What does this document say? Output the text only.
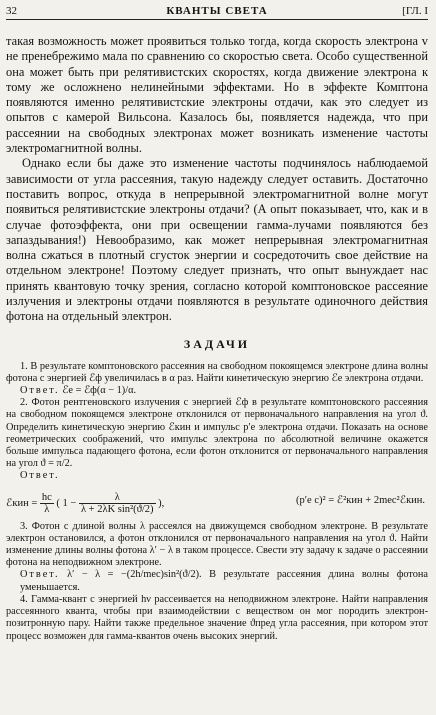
32	КВАНТЫ СВЕТА	[ГЛ. I

такая возможность может проявиться только тогда, когда скорость электрона v не пренебрежимо мала по сравнению со скоростью света. Особо существенной она может быть при релятивистских скоростях, когда движение электрона к тому же осложнено нелинейными эффектами. Но в эффекте Комптона появляются именно релятивистские электроны отдачи, как это следует из опытов с камерой Вильсона. Казалось бы, появляется надежда, что при рассеянии на свободных электронах может возникать изменение частоты электромагнитной волны.

Однако если бы даже это изменение частоты подчинялось наблюдаемой зависимости от угла рассеяния, такую надежду следует оставить. Достаточно поставить вопрос, откуда в непрерывной электромагнитной волне могут появиться релятивистские электроны отдачи? (А опыт показывает, что, как и в случае фотоэффекта, они при освещении гамма-лучами появляются без запаздывания!) Невообразимо, как может непрерывная электромагнитная волна сжаться в плотный сгусток энергии и сосредоточить свое действие на отдельном электроне! Поэтому следует признать, что опыт вынуждает нас принять квантовую точку зрения, согласно которой комптоновское рассеяние излучения и электроны отдачи появляются в результате одиночного действия фотона на отдельный электрон.

ЗАДАЧИ

1. В результате комптоновского рассеяния на свободном покоящемся электроне длина волны фотона с энергией ℰф увеличилась в α раз. Найти кинетическую энергию ℰe электрона отдачи.

Ответ. ℰe = ℰф(α − 1)/α.

2. Фотон рентгеновского излучения с энергией ℰф в результате комптоновского рассеяния на свободном покоящемся электроне отклонился от первоначального направления на угол ϑ. Определить кинетическую энергию ℰкин и импульс p′e электрона отдачи. Показать на основе геометрических соображений, что импульс электрона по абсолютной величине окажется больше импульса падающего фотона, если фотон отклонится от первоначального направления на угол ϑ = π/2.

Ответ.

ℰкин = $\frac{hc}{\lambda}$ ( $1 - \frac{\lambda}{\text{λ + 2λK sin²(ϑ/2)}}$ ),	(p′e c)² = ℰ²кин + 2mec²ℰкин.

3. Фотон с длиной волны λ рассеялся на движущемся свободном электроне. В результате электрон остановился, а фотон отклонился от первоначального направления на угол ϑ. Найти изменение длины волны фотона λ′ − λ в таком процессе. Свести эту задачу к задаче о рассеянии фотона на неподвижном электроне.

Ответ. λ′ − λ = −(2h/mec)sin²(ϑ/2). В результате рассеяния длина волны фотона уменьшается.

4. Гамма-квант с энергией hν рассеивается на неподвижном электроне. Найти направления рассеянного кванта, чтобы при взаимодействии с веществом он мог породить электрон-позитронную пару. Найти также предельное значение ϑпред угла рассеяния, при котором этот процесс возможен для гамма-квантов очень высоких энергий.
